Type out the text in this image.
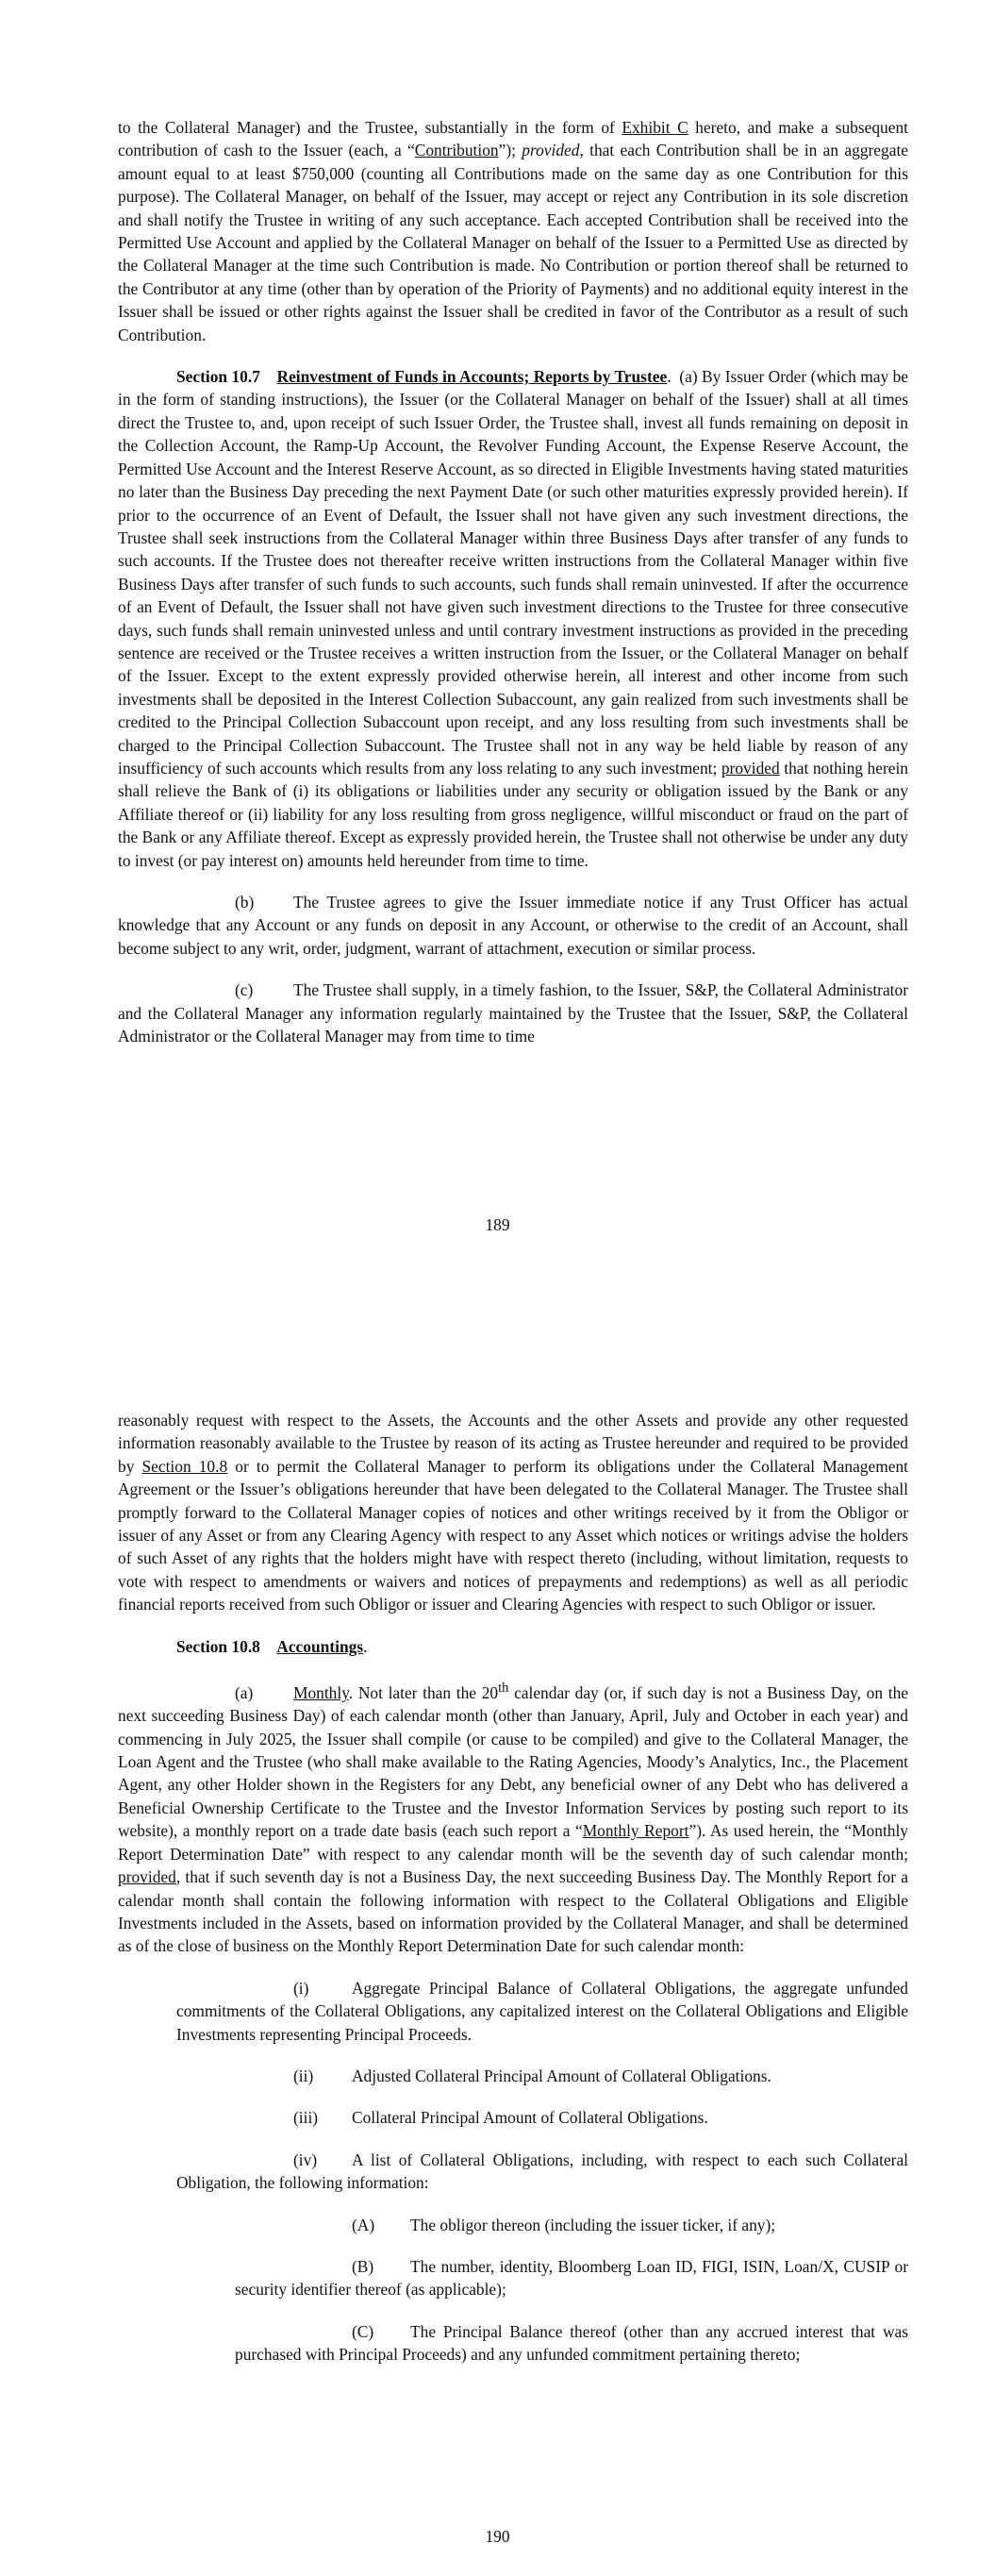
to the Collateral Manager) and the Trustee, substantially in the form of Exhibit C hereto, and make a subsequent contribution of cash to the Issuer (each, a “Contribution”); provided, that each Contribution shall be in an aggregate amount equal to at least $750,000 (counting all Contributions made on the same day as one Contribution for this purpose). The Collateral Manager, on behalf of the Issuer, may accept or reject any Contribution in its sole discretion and shall notify the Trustee in writing of any such acceptance. Each accepted Contribution shall be received into the Permitted Use Account and applied by the Collateral Manager on behalf of the Issuer to a Permitted Use as directed by the Collateral Manager at the time such Contribution is made. No Contribution or portion thereof shall be returned to the Contributor at any time (other than by operation of the Priority of Payments) and no additional equity interest in the Issuer shall be issued or other rights against the Issuer shall be credited in favor of the Contributor as a result of such Contribution.

Section 10.7 Reinvestment of Funds in Accounts; Reports by Trustee.  (a) By Issuer Order (which may be in the form of standing instructions), the Issuer (or the Collateral Manager on behalf of the Issuer) shall at all times direct the Trustee to, and, upon receipt of such Issuer Order, the Trustee shall, invest all funds remaining on deposit in the Collection Account, the Ramp-Up Account, the Revolver Funding Account, the Expense Reserve Account, the Permitted Use Account and the Interest Reserve Account, as so directed in Eligible Investments having stated maturities no later than the Business Day preceding the next Payment Date (or such other maturities expressly provided herein). If prior to the occurrence of an Event of Default, the Issuer shall not have given any such investment directions, the Trustee shall seek instructions from the Collateral Manager within three Business Days after transfer of any funds to such accounts. If the Trustee does not thereafter receive written instructions from the Collateral Manager within five Business Days after transfer of such funds to such accounts, such funds shall remain uninvested. If after the occurrence of an Event of Default, the Issuer shall not have given such investment directions to the Trustee for three consecutive days, such funds shall remain uninvested unless and until contrary investment instructions as provided in the preceding sentence are received or the Trustee receives a written instruction from the Issuer, or the Collateral Manager on behalf of the Issuer. Except to the extent expressly provided otherwise herein, all interest and other income from such investments shall be deposited in the Interest Collection Subaccount, any gain realized from such investments shall be credited to the Principal Collection Subaccount upon receipt, and any loss resulting from such investments shall be charged to the Principal Collection Subaccount. The Trustee shall not in any way be held liable by reason of any insufficiency of such accounts which results from any loss relating to any such investment; provided that nothing herein shall relieve the Bank of (i) its obligations or liabilities under any security or obligation issued by the Bank or any Affiliate thereof or (ii) liability for any loss resulting from gross negligence, willful misconduct or fraud on the part of the Bank or any Affiliate thereof. Except as expressly provided herein, the Trustee shall not otherwise be under any duty to invest (or pay interest on) amounts held hereunder from time to time.

(b) The Trustee agrees to give the Issuer immediate notice if any Trust Officer has actual knowledge that any Account or any funds on deposit in any Account, or otherwise to the credit of an Account, shall become subject to any writ, order, judgment, warrant of attachment, execution or similar process.

(c) The Trustee shall supply, in a timely fashion, to the Issuer, S&P, the Collateral Administrator and the Collateral Manager any information regularly maintained by the Trustee that the Issuer, S&P, the Collateral Administrator or the Collateral Manager may from time to time

189

reasonably request with respect to the Assets, the Accounts and the other Assets and provide any other requested information reasonably available to the Trustee by reason of its acting as Trustee hereunder and required to be provided by Section 10.8 or to permit the Collateral Manager to perform its obligations under the Collateral Management Agreement or the Issuer’s obligations hereunder that have been delegated to the Collateral Manager. The Trustee shall promptly forward to the Collateral Manager copies of notices and other writings received by it from the Obligor or issuer of any Asset or from any Clearing Agency with respect to any Asset which notices or writings advise the holders of such Asset of any rights that the holders might have with respect thereto (including, without limitation, requests to vote with respect to amendments or waivers and notices of prepayments and redemptions) as well as all periodic financial reports received from such Obligor or issuer and Clearing Agencies with respect to such Obligor or issuer.

Section 10.8 Accountings.

(a) Monthly. Not later than the 20th calendar day (or, if such day is not a Business Day, on the next succeeding Business Day) of each calendar month (other than January, April, July and October in each year) and commencing in July 2025, the Issuer shall compile (or cause to be compiled) and give to the Collateral Manager, the Loan Agent and the Trustee (who shall make available to the Rating Agencies, Moody’s Analytics, Inc., the Placement Agent, any other Holder shown in the Registers for any Debt, any beneficial owner of any Debt who has delivered a Beneficial Ownership Certificate to the Trustee and the Investor Information Services by posting such report to its website), a monthly report on a trade date basis (each such report a “Monthly Report”). As used herein, the “Monthly Report Determination Date” with respect to any calendar month will be the seventh day of such calendar month; provided, that if such seventh day is not a Business Day, the next succeeding Business Day. The Monthly Report for a calendar month shall contain the following information with respect to the Collateral Obligations and Eligible Investments included in the Assets, based on information provided by the Collateral Manager, and shall be determined as of the close of business on the Monthly Report Determination Date for such calendar month:

(i)	Aggregate Principal Balance of Collateral Obligations, the aggregate unfunded commitments of the Collateral Obligations, any capitalized interest on the Collateral Obligations and Eligible Investments representing Principal Proceeds.

(ii) Adjusted Collateral Principal Amount of Collateral Obligations.

(iii) Collateral Principal Amount of Collateral Obligations.

(iv) A list of Collateral Obligations, including, with respect to each such Collateral Obligation, the following information:

(A) The obligor thereon (including the issuer ticker, if any);

(B) The number, identity, Bloomberg Loan ID, FIGI, ISIN, Loan/X, CUSIP or security identifier thereof (as applicable);

(C) The Principal Balance thereof (other than any accrued interest that was purchased with Principal Proceeds) and any unfunded commitment pertaining thereto;

190
